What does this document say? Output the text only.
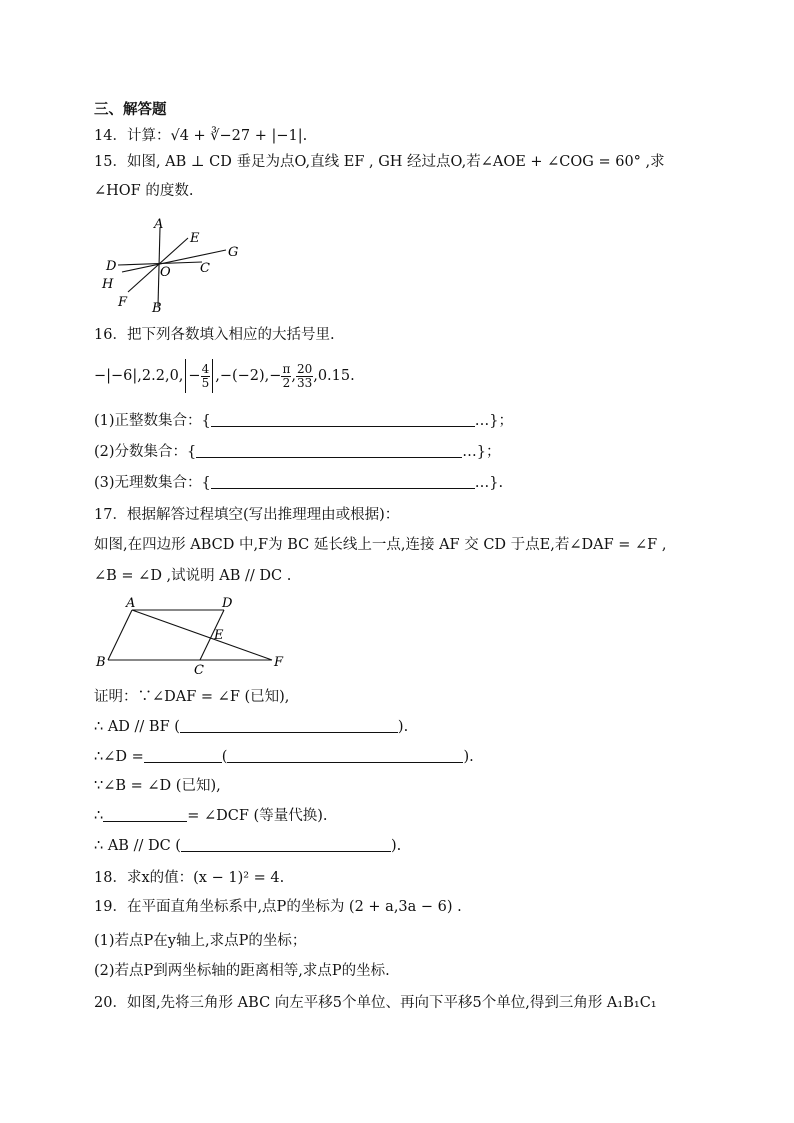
三、解答题
14．计算：√4 + ∛−27 + |−1|.
15．如图, AB ⊥ CD 垂足为点O,直线 EF , GH 经过点O,若∠AOE + ∠COG = 60° ,求
∠HOF 的度数.
A
E
G
D	O C
H
F B
16．把下列各数填入相应的大括号里.
−|−6|,2.2,0, − $\frac{4}{5} ,-(-2),- \frac{\pi}{2}$ , $\frac{20}{33} ,0.15$.
(1)正整数集合：{	…}；
(2)分数集合：{	…}；
(3)无理数集合：{	…}.
17．根据解答过程填空(写出推理理由或根据)：
如图,在四边形 ABCD 中,F为 BC 延长线上一点,连接 AF 交 CD 于点E,若∠DAF = ∠F ,
∠B = ∠D ,试说明 AB // DC .
A	D
E
B
C
F
证明：∵∠DAF = ∠F (已知),
∴ AD // BF (	).
∴∠D =	(	).
∵∠B = ∠D (已知),
∴	= ∠DCF (等量代换).
∴ AB // DC (	).
18．求x的值：(x − 1)² = 4.
19．在平面直角坐标系中,点P的坐标为 (2 + a,3a − 6) .
(1)若点P在y轴上,求点P的坐标；
(2)若点P到两坐标轴的距离相等,求点P的坐标.
20．如图,先将三角形 ABC 向左平移5个单位、再向下平移5个单位,得到三角形 A₁B₁C₁
